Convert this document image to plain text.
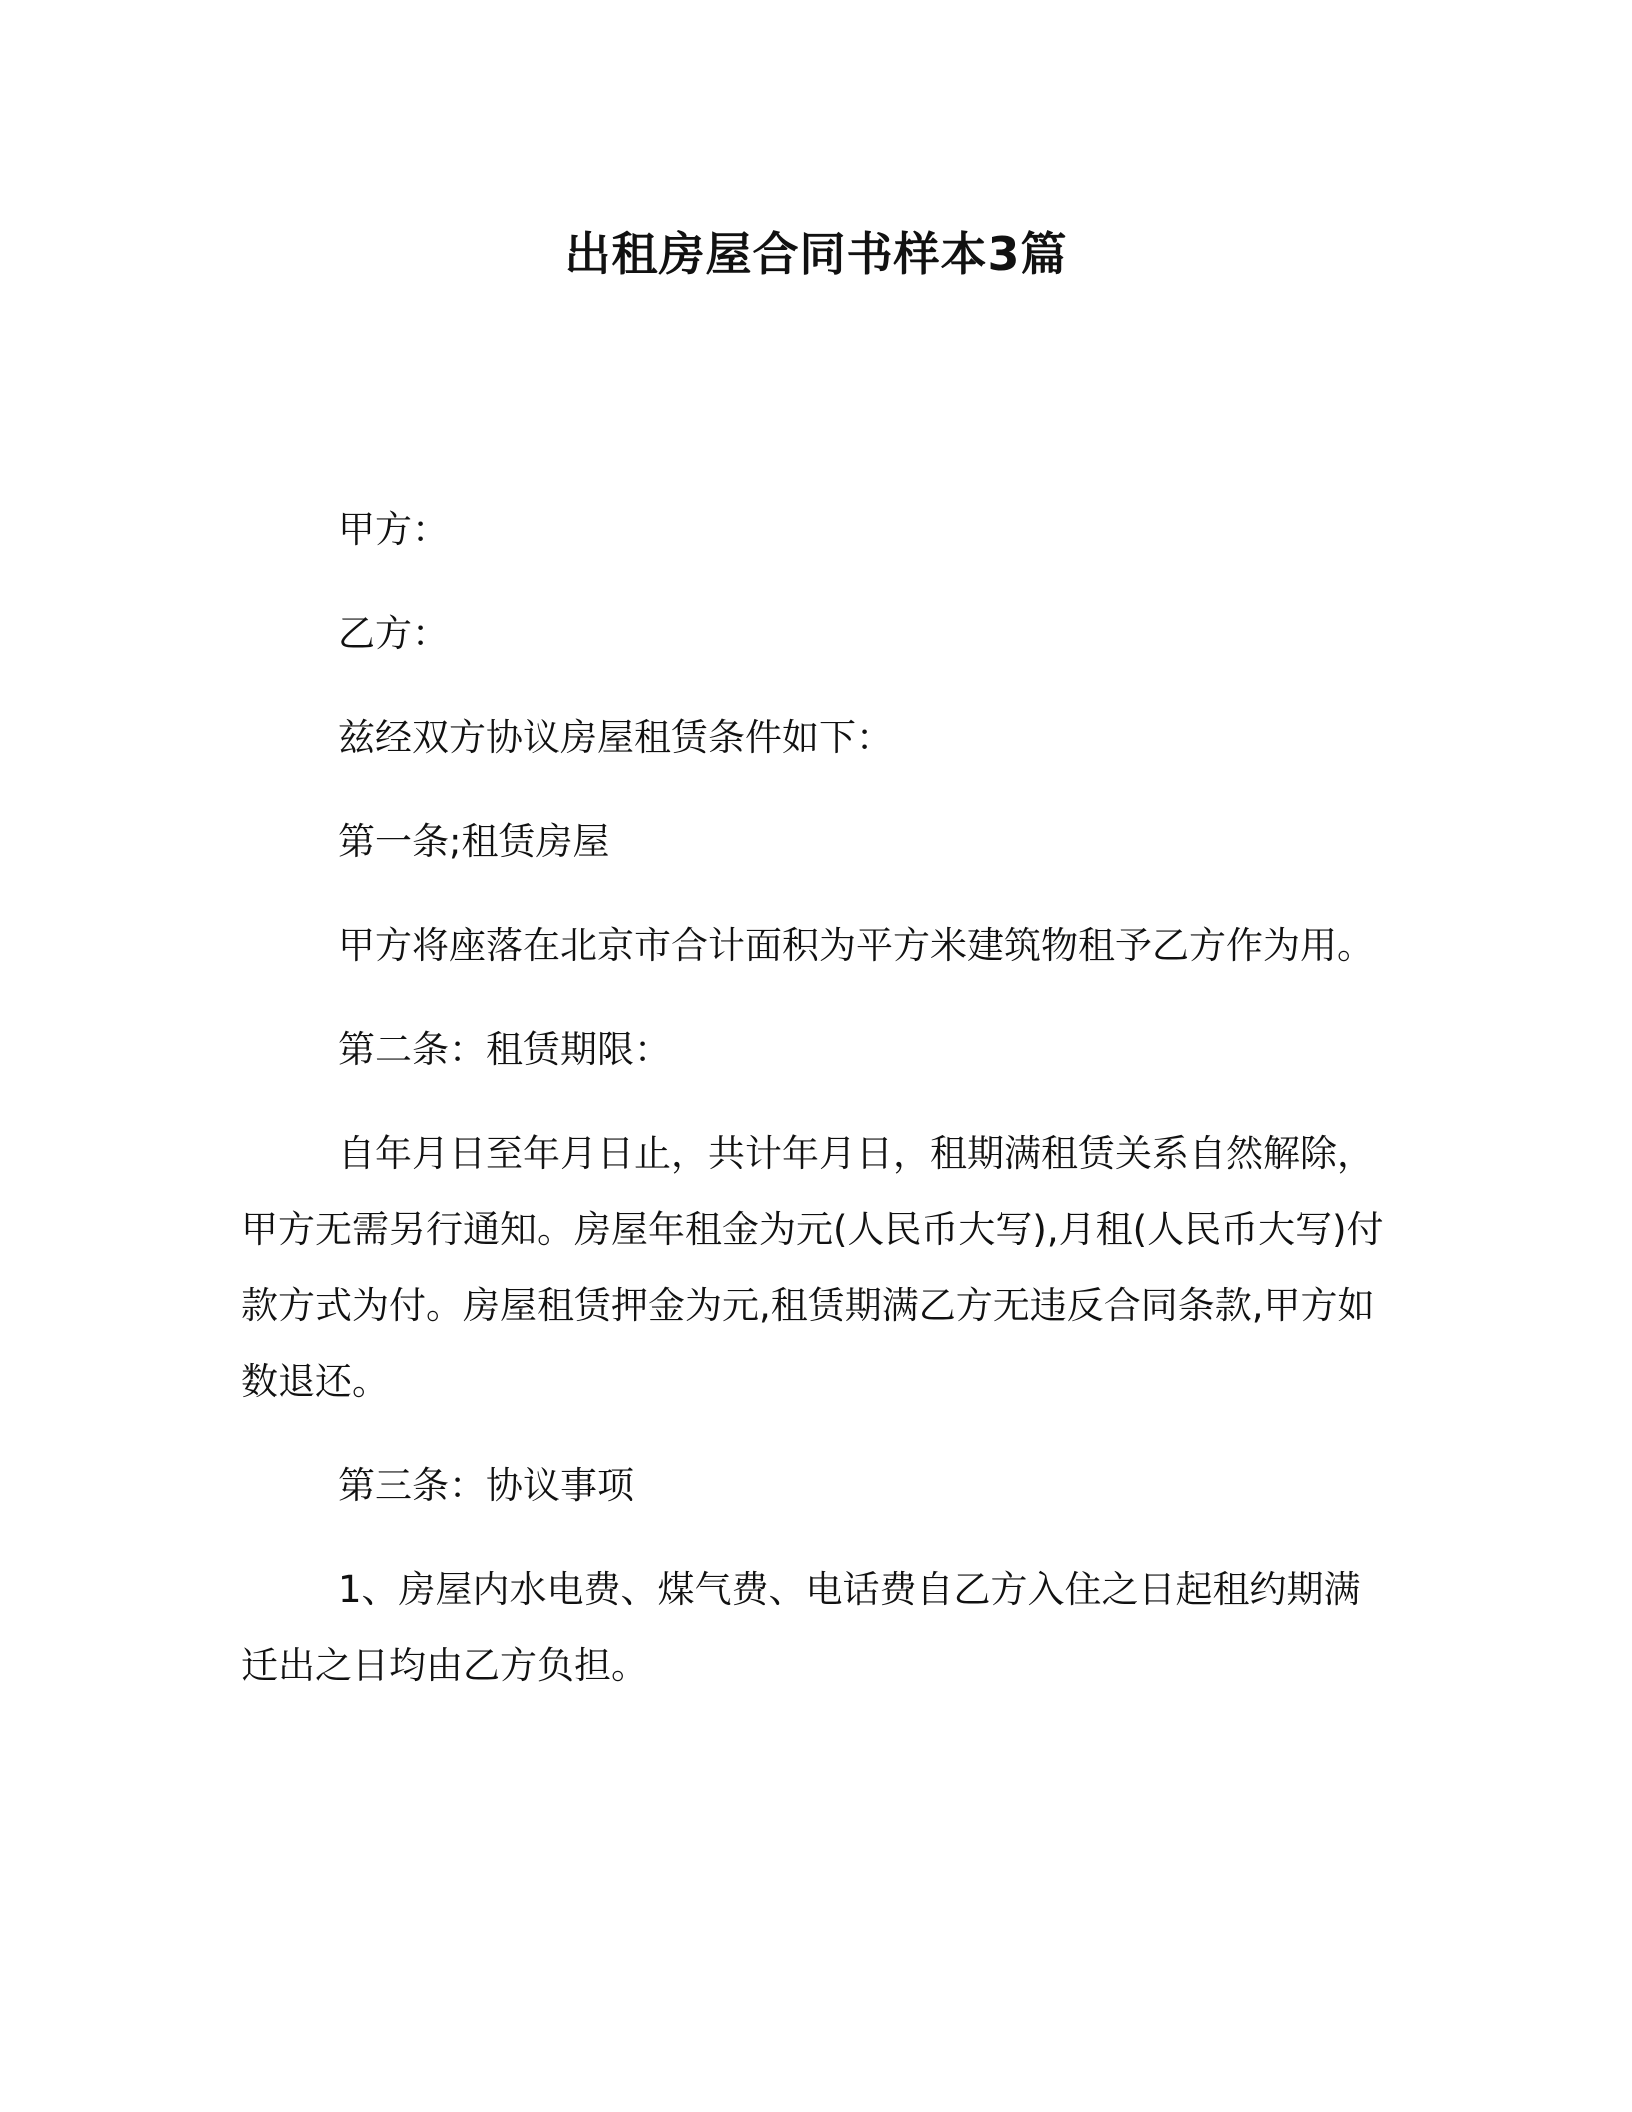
出租房屋合同书样本3篇

甲方：

乙方：

兹经双方协议房屋租赁条件如下：

第一条;租赁房屋

甲方将座落在北京市合计面积为平方米建筑物租予乙方作为用。

第二条：租赁期限：

自年月日至年月日止，共计年月日，租期满租赁关系自然解除，甲方无需另行通知。房屋年租金为元(人民币大写),月租(人民币大写)付款方式为付。房屋租赁押金为元,租赁期满乙方无违反合同条款,甲方如数退还。

第三条：协议事项

1、房屋内水电费、煤气费、电话费自乙方入住之日起租约期满迁出之日均由乙方负担。
